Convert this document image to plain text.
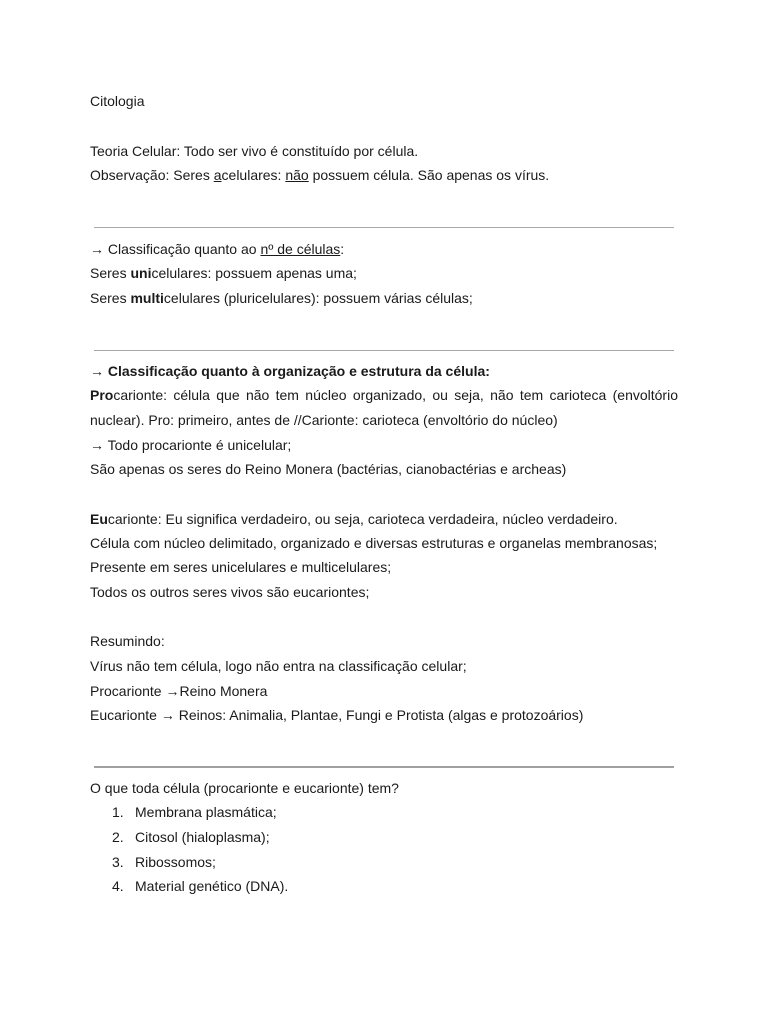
Citologia
Teoria Celular: Todo ser vivo é constituído por célula.
Observação: Seres acelulares: não possuem célula. São apenas os vírus.
→ Classificação quanto ao nº de células:
Seres unicelulares: possuem apenas uma;
Seres multicelulares (pluricelulares): possuem várias células;
→ Classificação quanto à organização e estrutura da célula:

Procarionte: célula que não tem núcleo organizado, ou seja, não tem carioteca (envoltório

nuclear). Pro: primeiro, antes de //Carionte: carioteca (envoltório do núcleo)

→ Todo procarionte é unicelular;
São apenas os seres do Reino Monera (bactérias, cianobactérias e archeas)
Eucarionte: Eu significa verdadeiro, ou seja, carioteca verdadeira, núcleo verdadeiro.
Célula com núcleo delimitado, organizado e diversas estruturas e organelas membranosas;
Presente em seres unicelulares e multicelulares;
Todos os outros seres vivos são eucariontes;
Resumindo:
Vírus não tem célula, logo não entra na classificação celular;
Procarionte →Reino Monera
Eucarionte → Reinos: Animalia, Plantae, Fungi e Protista (algas e protozoários)
O que toda célula (procarionte e eucarionte) tem?
1. Membrana plasmática;
2. Citosol (hialoplasma);
3. Ribossomos;
4. Material genético (DNA).
